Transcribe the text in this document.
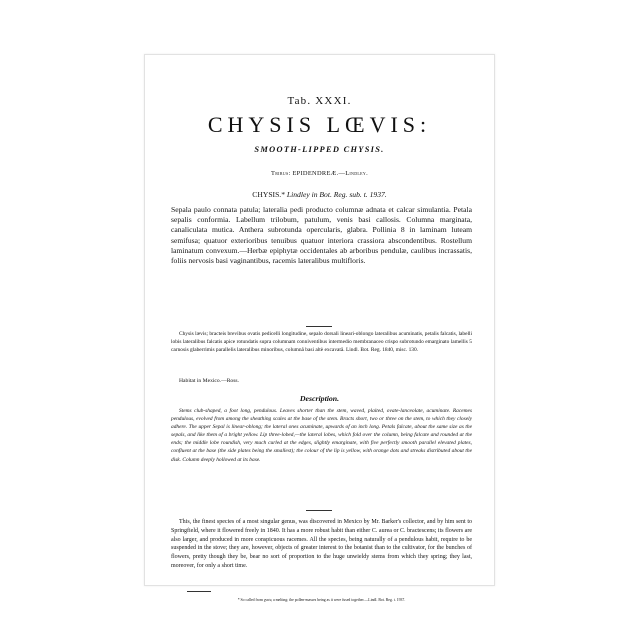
Tab. XXXI.

CHYSIS LŒVIS:

SMOOTH-LIPPED CHYSIS.

Tribus: EPIDENDREÆ.—Lindley.

CHYSIS.* Lindley in Bot. Reg. sub. t. 1937.

Sepala paulo connata patula; lateralia pedi producto columnæ adnata et calcar simulantia. Petala sepalis conformia. Labellum trilobum, patulum, venis basi callosis. Columna marginata, canaliculata mutica. Anthera subrotunda opercularis, glabra. Pollinia 8 in laminam luteam semifusa; quatuor exterioribus tenuibus quatuor interiora crassiora abscondentibus. Rostellum laminatum convexum.—Herbæ epiphytæ occidentales ab arboribus pendulæ, caulibus incrassatis, foliis nervosis basi vaginantibus, racemis lateralibus multifloris.

Chysis lævis; bracteis brevibus ovatis pedicelli longitudine, sepalo dorsali lineari-oblongo lateralibus acuminatis, petalis falcatis, labelli lobis lateralibus falcatis apice rotundatis supra columnam conniventibus intermedio membranaceo crispo subrotundo emarginato lamellis 5 carnosis glaberrimis parallelis lateralibus minoribus, columnâ basi altè excavatâ. Lindl. Bot. Reg. 1840, misc. 130.

Habitat in Mexico.—Ross.

Description.

Stems club-shaped, a foot long, pendulous. Leaves shorter than the stem, waved, plaited, ovate-lanceolate, acuminate. Racemes pendulous, evolved from among the sheathing scales at the base of the stem. Bracts short, two or three on the stem, to which they closely adhere. The upper Sepal is linear-oblong; the lateral ones acuminate, upwards of an inch long. Petals falcate, about the same size as the sepals, and like them of a bright yellow. Lip three-lobed,—the lateral lobes, which fold over the column, being falcate and rounded at the ends; the middle lobe roundish, very much curled at the edges, slightly emarginate, with five perfectly smooth parallel elevated plates, confluent at the base (the side plates being the smallest); the colour of the lip is yellow, with orange dots and streaks distributed about the disk. Column deeply hollowed at its base.

This, the finest species of a most singular genus, was discovered in Mexico by Mr. Barker's collector, and by him sent to Springfield, where it flowered freely in 1840. It has a more robust habit than either C. aurea or C. bractescens; its flowers are also larger, and produced in more conspicuous racemes. All the species, being naturally of a pendulous habit, require to be suspended in the stove; they are, however, objects of greater interest to the botanist than to the cultivator, for the bunches of flowers, pretty though they be, bear no sort of proportion to the huge unwieldy stems from which they spring; they last, moreover, for only a short time.

* So called from χυσις a melting; the pollen-masses being as it were fused together.—Lindl. Bot. Reg. t. 1937.
